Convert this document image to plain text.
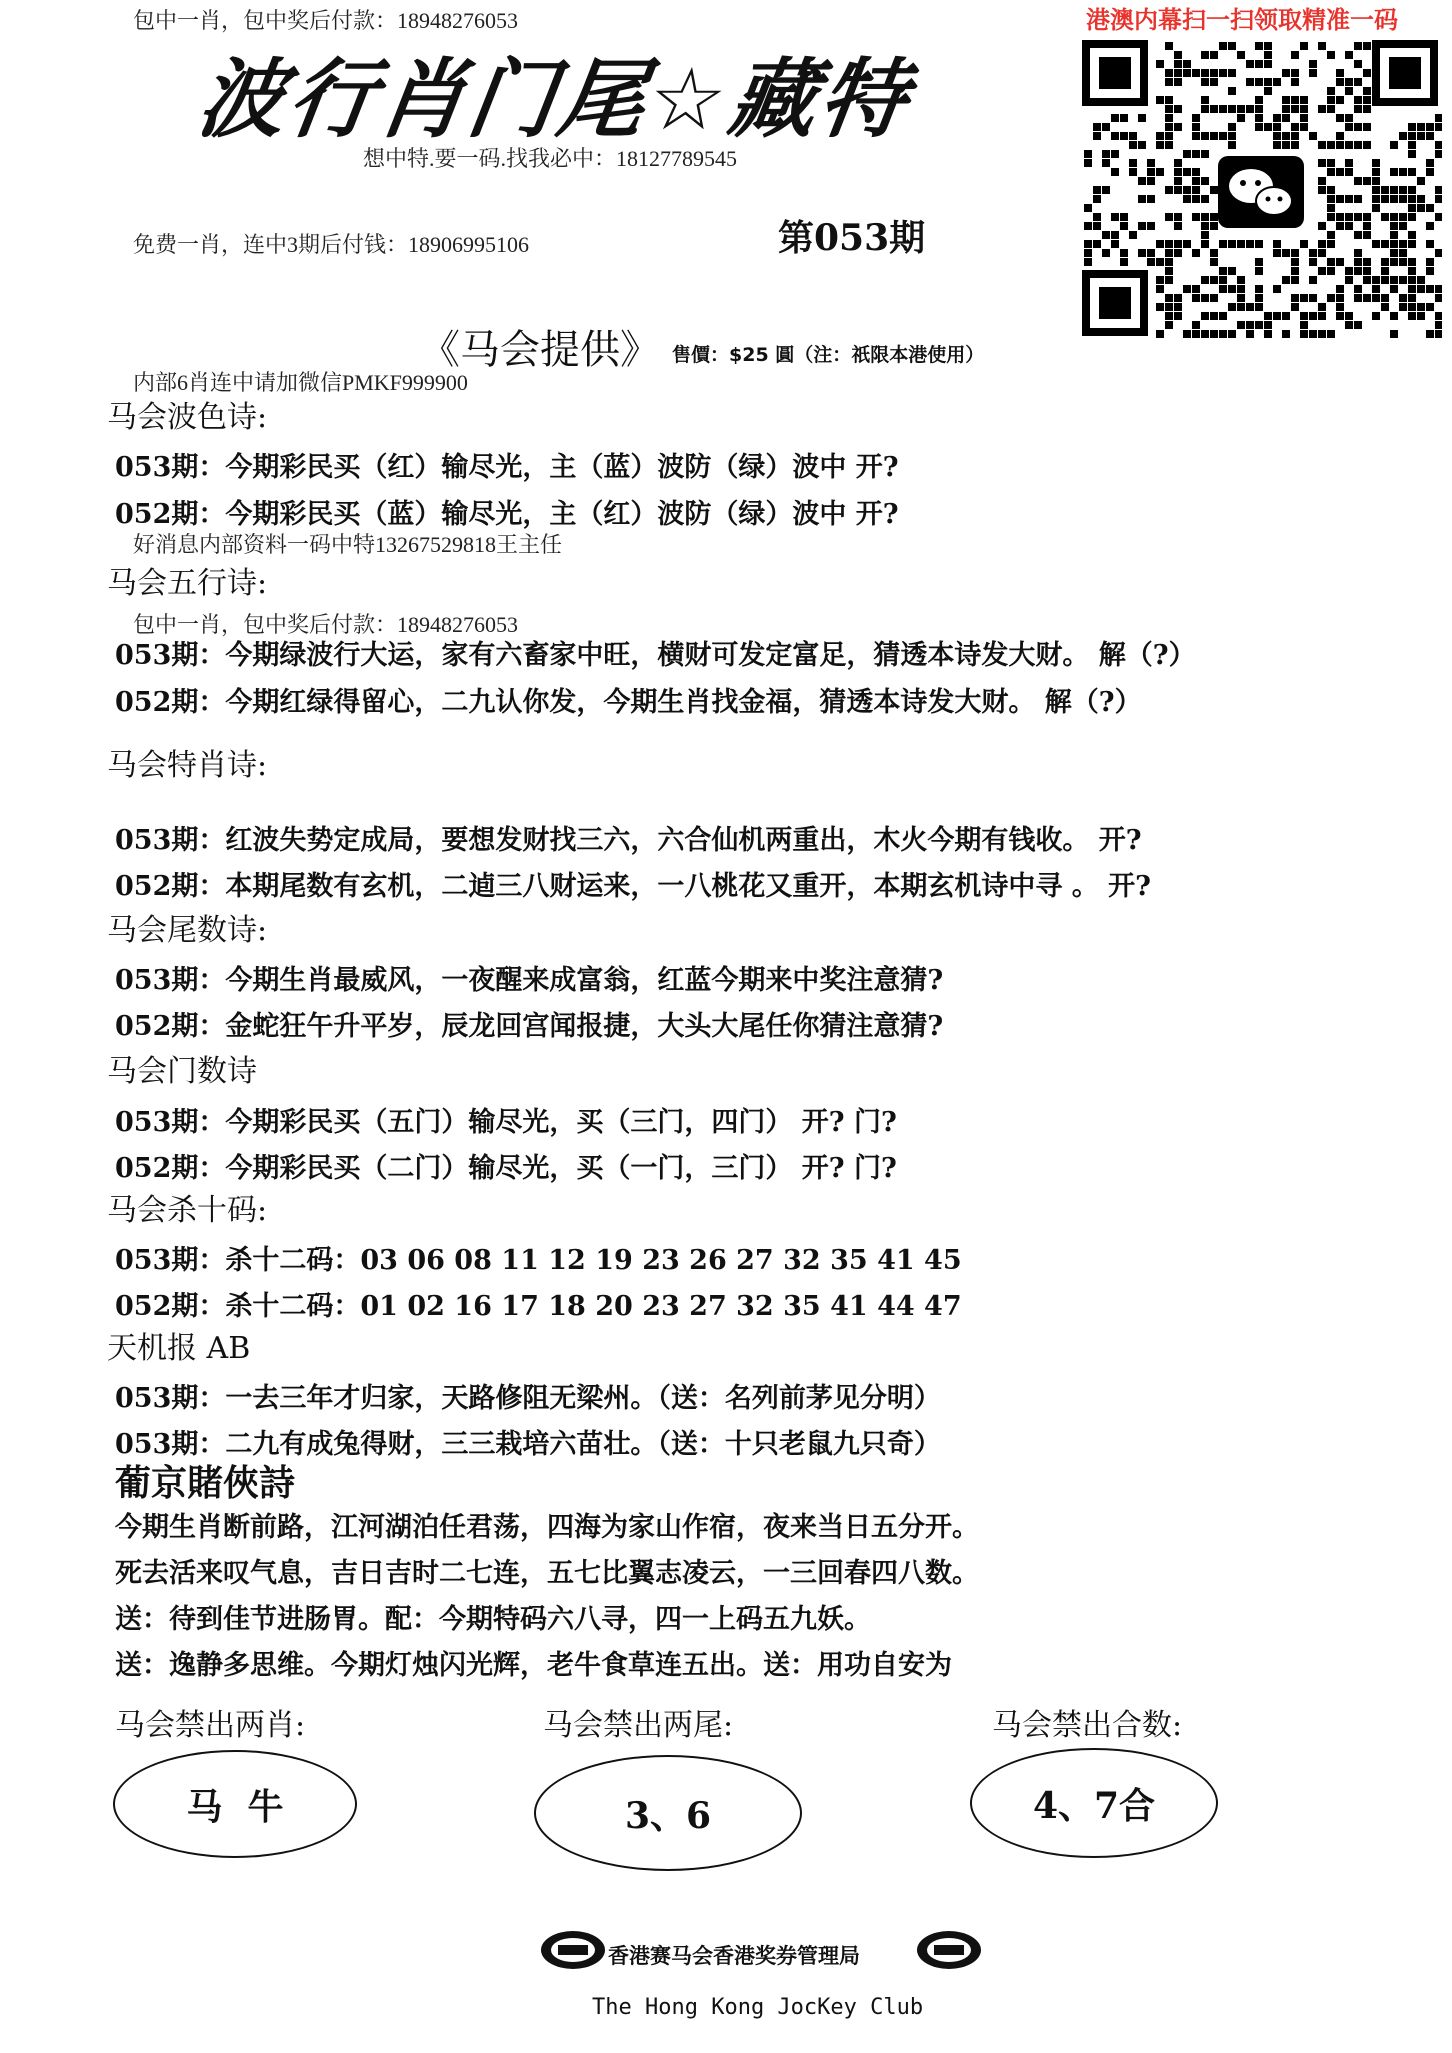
包中一肖，包中奖后付款：18948276053
波行肖门尾☆藏特
想中特.要一码.找我必中：18127789545
免费一肖，连中3期后付钱：18906995106	第053期
《马会提供》 售價：$25 圓（注：祇限本港使用）
内部6肖连中请加微信PMKF999900
港澳内幕扫一扫领取精准一码
马会波色诗:
053期：今期彩民买（红）输尽光，主（蓝）波防（绿）波中 开?
052期：今期彩民买（蓝）输尽光，主（红）波防（绿）波中 开?
马会五行诗:
053期：今期绿波行大运，家有六畜家中旺，横财可发定富足，猜透本诗发大财。 解（?）
052期：今期红绿得留心，二九认你发，今期生肖找金福，猜透本诗发大财。 解（?）
马会特肖诗:
053期：红波失势定成局，要想发财找三六，六合仙机两重出，木火今期有钱收。 开?
052期：本期尾数有玄机，二逌三八财运来，一八桃花又重开，本期玄机诗中寻 。 开?
马会尾数诗:
053期：今期生肖最威风，一夜醒来成富翁，红蓝今期来中奖注意猜?
052期：金蛇狂午升平岁，辰龙回宫闻报捷，大头大尾任你猜注意猜?
马会门数诗
053期：今期彩民买（五门）输尽光，买（三门，四门） 开? 门?
052期：今期彩民买（二门）输尽光，买（一门，三门） 开? 门?
马会杀十码:
053期：杀十二码：03 06 08 11 12 19 23 26 27 32 35 41 45
052期：杀十二码：01 02 16 17 18 20 23 27 32 35 41 44 47
天机报 AB
053期：一去三年才归家，天路修阻无梁州。（送：名列前茅见分明）
053期：二九有成兔得财，三三栽培六苗壮。（送：十只老鼠九只奇）
好消息内部资料一码中特13267529818王主任
包中一肖，包中奖后付款：18948276053
葡京賭俠詩
今期生肖断前路，江河湖泊任君荡，四海为家山作宿，夜来当日五分开。
死去活来叹气息，吉日吉时二七连，五七比翼志凌云，一三回春四八数。
送：待到佳节进肠胃。配：今期特码六八寻，四一上码五九妖。
送：逸静多思维。今期灯烛闪光辉，老牛食草连五出。送：用功自安为
马会禁出两肖:
马  牛
马会禁出两尾:
3、6
马会禁出合数:
4、7合
香港赛马会香港奖券管理局
The Hong Kong JocKey Club
